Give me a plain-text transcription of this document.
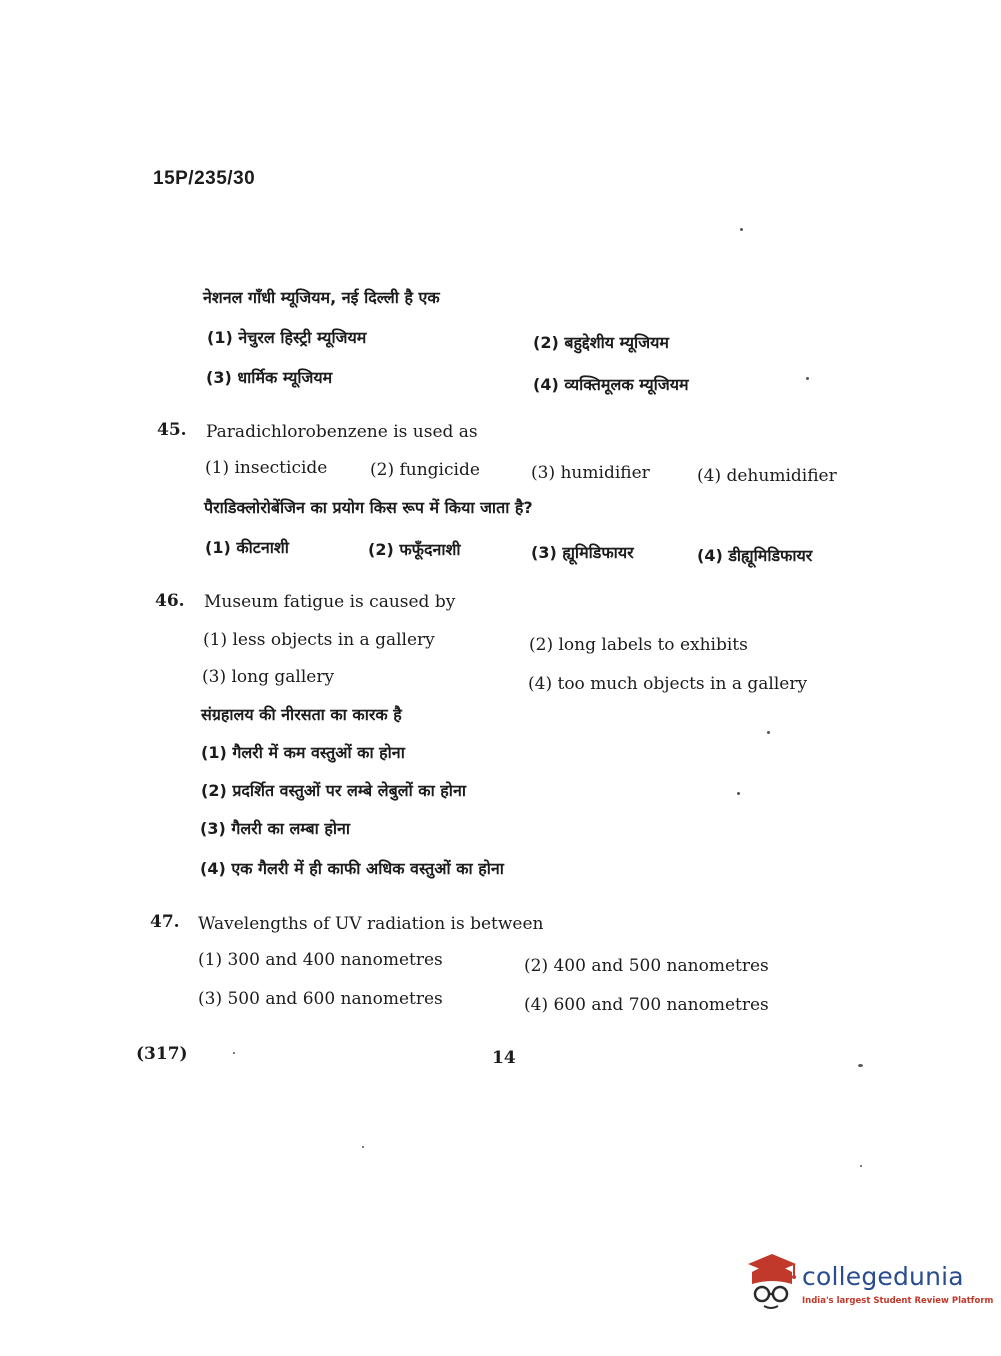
15P/235/30
नेशनल गाँधी म्यूजियम, नई दिल्ली है एक
(1) नेचुरल हिस्ट्री म्यूजियम	(2) बहुद्देशीय म्यूजियम
(3) धार्मिक म्यूजियम	(4) व्यक्तिमूलक म्यूजियम
45. Paradichlorobenzene is used as
(1) insecticide	(2) fungicide	(3) humidifier	(4) dehumidifier
पैराडिक्लोरोबेंजिन का प्रयोग किस रूप में किया जाता है?
(1) कीटनाशी	(2) फफूँदनाशी	(3) ह्यूमिडिफायर	(4) डीह्यूमिडिफायर
46. Museum fatigue is caused by
(1) less objects in a gallery	(2) long labels to exhibits
(3) long gallery	(4) too much objects in a gallery
संग्रहालय की नीरसता का कारक है
(1) गैलरी में कम वस्तुओं का होना
(2) प्रदर्शित वस्तुओं पर लम्बे लेबुलों का होना
(3) गैलरी का लम्बा होना
(4) एक गैलरी में ही काफी अधिक वस्तुओं का होना
47. Wavelengths of UV radiation is between
(1) 300 and 400 nanometres	(2) 400 and 500 nanometres
(3) 500 and 600 nanometres	(4) 600 and 700 nanometres
(317)	14
collegedunia
India's largest Student Review Platform
